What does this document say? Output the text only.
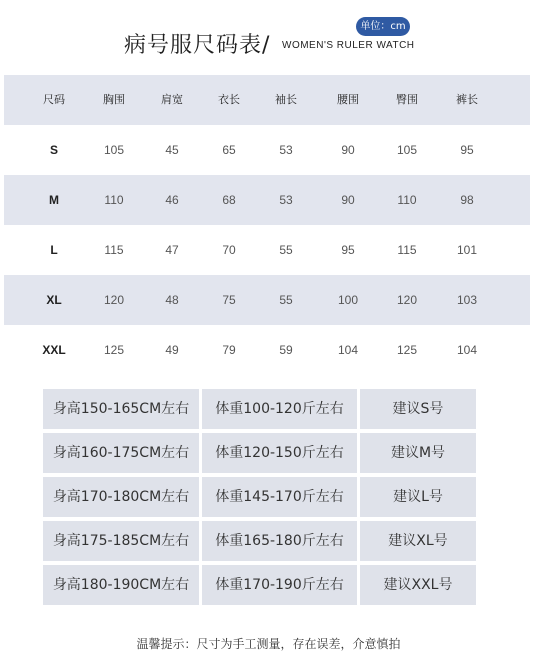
病号服尺码表/ WOMEN'S RULER WATCH
单位：cm
尺码	胸围	肩宽	衣长	袖长	腰围	臀围	裤长
S	105	45	65	53	90	105	95
M	110	46	68	53	90	110	98
L	115	47	70	55	95	115	101
XL	120	48	75	55	100	120	103
XXL	125	49	79	59	104	125	104
身高150-165CM左右	体重100-120斤左右	建议S号
身高160-175CM左右	体重120-150斤左右	建议M号
身高170-180CM左右	体重145-170斤左右	建议L号
身高175-185CM左右	体重165-180斤左右	建议XL号
身高180-190CM左右	体重170-190斤左右	建议XXL号
温馨提示：尺寸为手工测量，存在误差，介意慎拍
